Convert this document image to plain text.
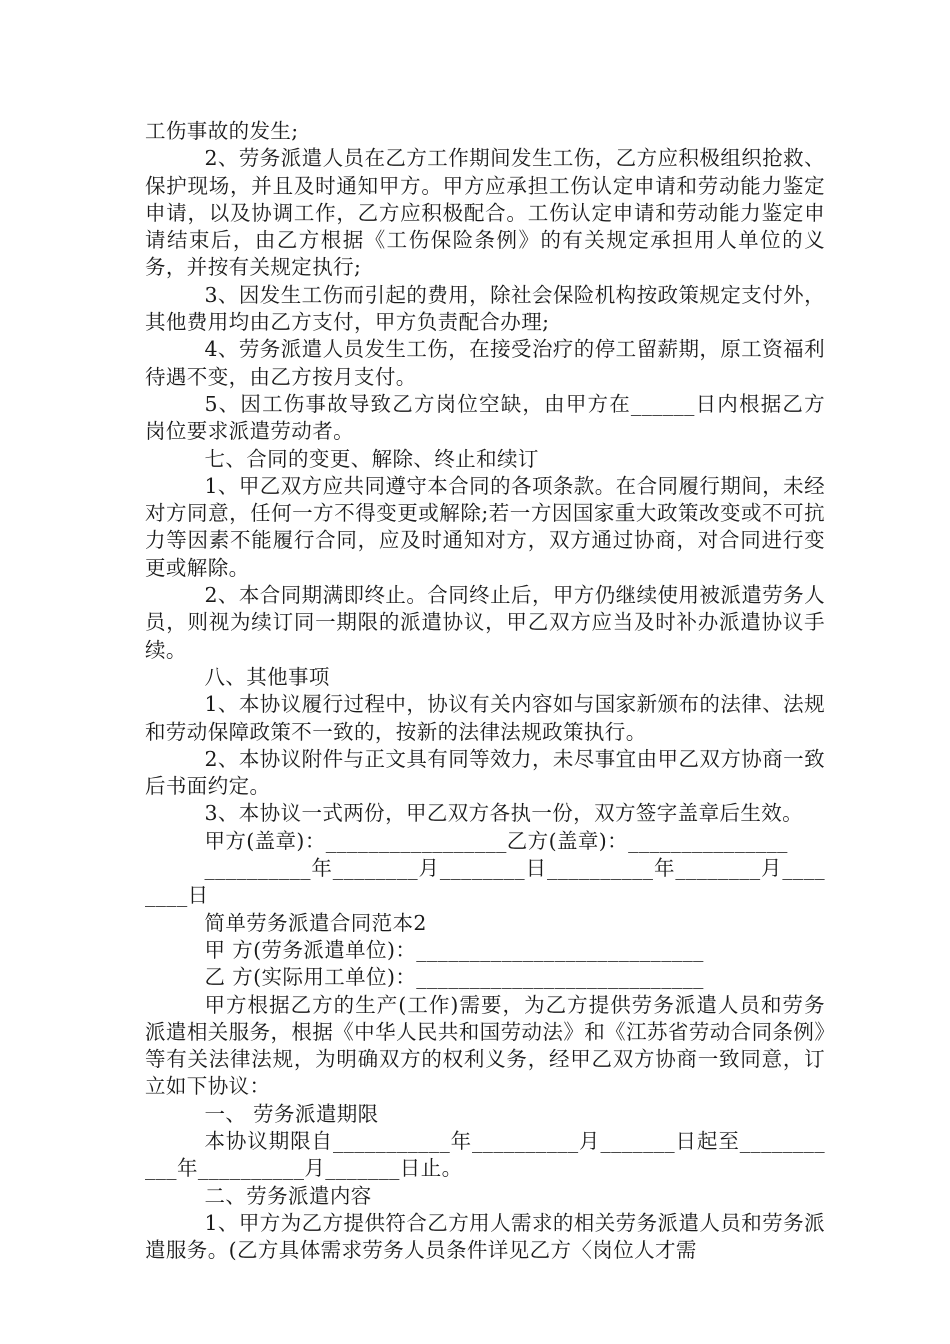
工伤事故的发生;

2、劳务派遣人员在乙方工作期间发生工伤，乙方应积极组织抢救、保护现场，并且及时通知甲方。甲方应承担工伤认定申请和劳动能力鉴定申请，以及协调工作，乙方应积极配合。工伤认定申请和劳动能力鉴定申请结束后，由乙方根据《工伤保险条例》的有关规定承担用人单位的义务，并按有关规定执行;

3、因发生工伤而引起的费用，除社会保险机构按政策规定支付外，其他费用均由乙方支付，甲方负责配合办理;

4、劳务派遣人员发生工伤，在接受治疗的停工留薪期，原工资福利待遇不变，由乙方按月支付。

5、因工伤事故导致乙方岗位空缺，由甲方在______日内根据乙方岗位要求派遣劳动者。

七、合同的变更、解除、终止和续订

1、甲乙双方应共同遵守本合同的各项条款。在合同履行期间，未经对方同意，任何一方不得变更或解除;若一方因国家重大政策改变或不可抗力等因素不能履行合同，应及时通知对方，双方通过协商，对合同进行变更或解除。

2、本合同期满即终止。合同终止后，甲方仍继续使用被派遣劳务人员，则视为续订同一期限的派遣协议，甲乙双方应当及时补办派遣协议手续。

八、其他事项

1、本协议履行过程中，协议有关内容如与国家新颁布的法律、法规和劳动保障政策不一致的，按新的法律法规政策执行。

2、本协议附件与正文具有同等效力，未尽事宜由甲乙双方协商一致后书面约定。

3、本协议一式两份，甲乙双方各执一份，双方签字盖章后生效。

甲方(盖章)：_________________乙方(盖章)：_______________

__________年________月________日__________年________月________日

简单劳务派遣合同范本2

甲 方(劳务派遣单位)：___________________________

乙 方(实际用工单位)：___________________________

甲方根据乙方的生产(工作)需要，为乙方提供劳务派遣人员和劳务派遣相关服务，根据《中华人民共和国劳动法》和《江苏省劳动合同条例》等有关法律法规，为明确双方的权利义务，经甲乙双方协商一致同意，订立如下协议：

一、 劳务派遣期限

本协议期限自___________年__________月_______日起至___________年__________月_______日止。

二、劳务派遣内容

1、甲方为乙方提供符合乙方用人需求的相关劳务派遣人员和劳务派遣服务。(乙方具体需求劳务人员条件详见乙方〈岗位人才需
